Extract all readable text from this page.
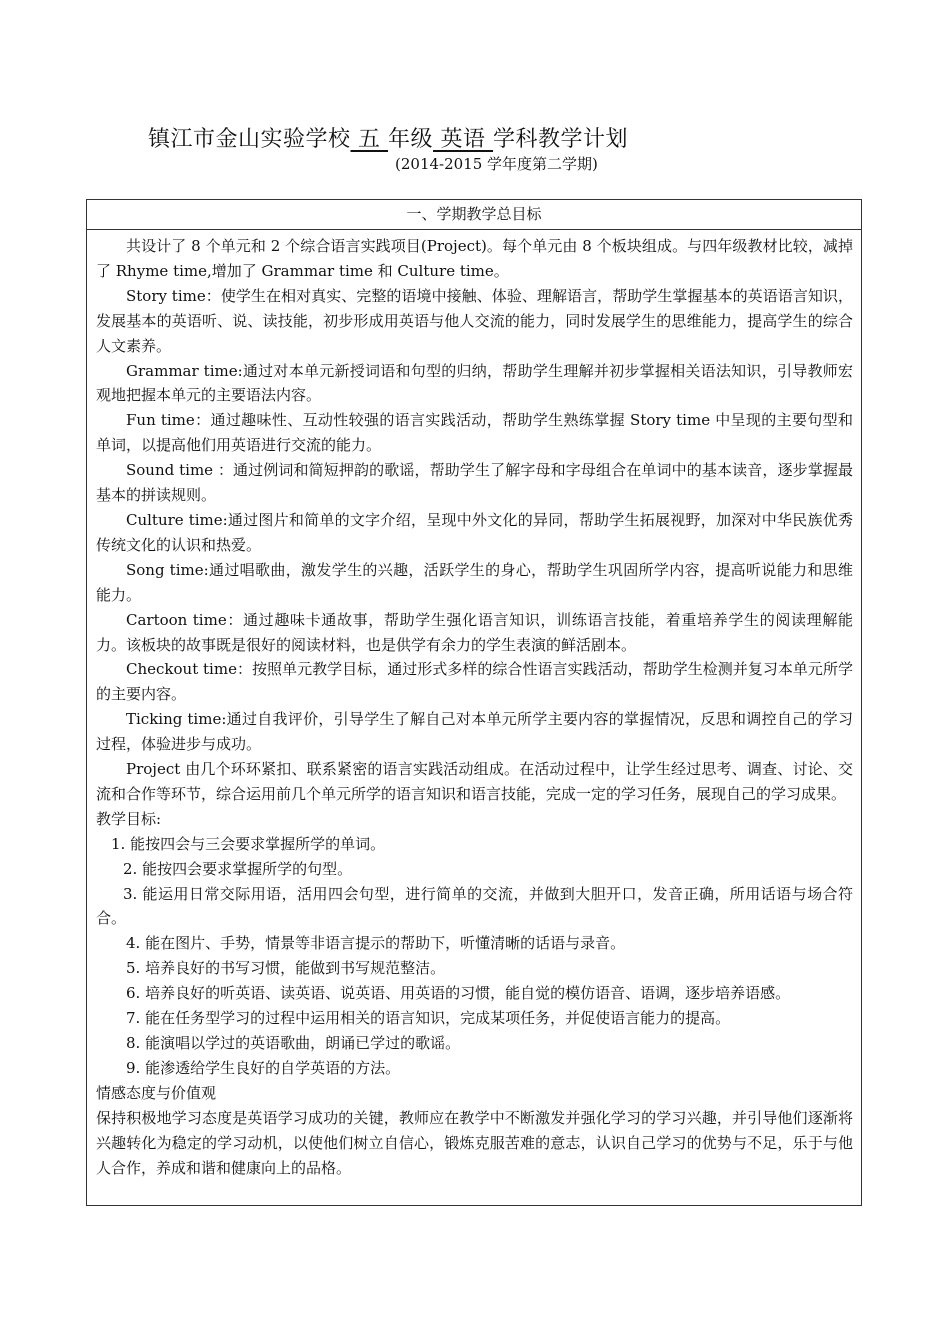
镇江市金山实验学校 五 年级 英语 学科教学计划
(2014-2015 学年度第二学期)
一、学期教学总目标

共设计了 8 个单元和 2 个综合语言实践项目(Project)。每个单元由 8 个板块组成。与四年级教材比较，减掉了 Rhyme time,增加了 Grammar time 和 Culture time。

Story time：使学生在相对真实、完整的语境中接触、体验、理解语言，帮助学生掌握基本的英语语言知识，发展基本的英语听、说、读技能，初步形成用英语与他人交流的能力，同时发展学生的思维能力，提高学生的综合人文素养。

Grammar time:通过对本单元新授词语和句型的归纳，帮助学生理解并初步掌握相关语法知识，引导教师宏观地把握本单元的主要语法内容。

Fun time：通过趣味性、互动性较强的语言实践活动，帮助学生熟练掌握 Story time 中呈现的主要句型和单词，以提高他们用英语进行交流的能力。

Sound time ：通过例词和简短押韵的歌谣，帮助学生了解字母和字母组合在单词中的基本读音，逐步掌握最基本的拼读规则。

Culture time:通过图片和简单的文字介绍，呈现中外文化的异同，帮助学生拓展视野，加深对中华民族优秀传统文化的认识和热爱。

Song time:通过唱歌曲，激发学生的兴趣，活跃学生的身心，帮助学生巩固所学内容，提高听说能力和思维能力。

Cartoon time：通过趣味卡通故事，帮助学生强化语言知识，训练语言技能，着重培养学生的阅读理解能力。该板块的故事既是很好的阅读材料，也是供学有余力的学生表演的鲜活剧本。

Checkout time：按照单元教学目标，通过形式多样的综合性语言实践活动，帮助学生检测并复习本单元所学的主要内容。

Ticking time:通过自我评价，引导学生了解自己对本单元所学主要内容的掌握情况，反思和调控自己的学习过程，体验进步与成功。

Project 由几个环环紧扣、联系紧密的语言实践活动组成。在活动过程中，让学生经过思考、调查、讨论、交流和合作等环节，综合运用前几个单元所学的语言知识和语言技能，完成一定的学习任务，展现自己的学习成果。

教学目标:

1. 能按四会与三会要求掌握所学的单词。

2. 能按四会要求掌握所学的句型。

3. 能运用日常交际用语，活用四会句型，进行简单的交流，并做到大胆开口，发音正确，所用话语与场合符合。

4. 能在图片、手势，情景等非语言提示的帮助下，听懂清晰的话语与录音。

5. 培养良好的书写习惯，能做到书写规范整洁。

6. 培养良好的听英语、读英语、说英语、用英语的习惯，能自觉的模仿语音、语调，逐步培养语感。

7. 能在任务型学习的过程中运用相关的语言知识，完成某项任务，并促使语言能力的提高。

8. 能演唱以学过的英语歌曲，朗诵已学过的歌谣。

9. 能渗透给学生良好的自学英语的方法。

情感态度与价值观

保持积极地学习态度是英语学习成功的关键，教师应在教学中不断激发并强化学习的学习兴趣，并引导他们逐渐将兴趣转化为稳定的学习动机，以使他们树立自信心，锻炼克服苦难的意志，认识自己学习的优势与不足，乐于与他人合作，养成和谐和健康向上的品格。
